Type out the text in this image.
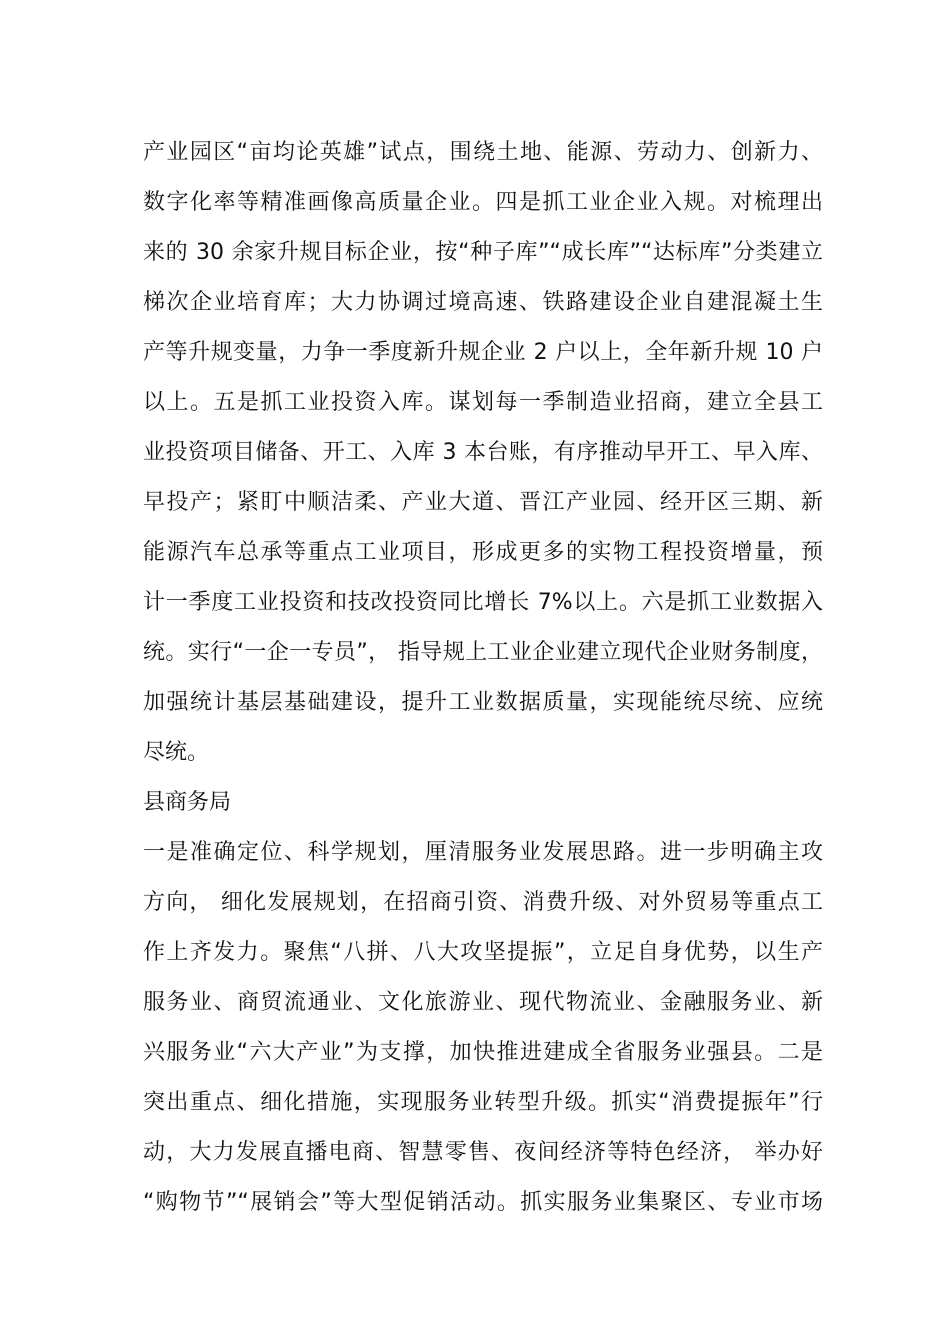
产业园区“亩均论英雄”试点，围绕土地、能源、劳动力、创新力、
数字化率等精准画像高质量企业。四是抓工业企业入规。对梳理出
来的 30 余家升规目标企业，按“种子库”“成长库”“达标库”分类建立
梯次企业培育库；大力协调过境高速、铁路建设企业自建混凝土生
产等升规变量，力争一季度新升规企业 2 户以上，全年新升规 10 户
以上。五是抓工业投资入库。谋划每一季制造业招商，建立全县工
业投资项目储备、开工、入库 3 本台账，有序推动早开工、早入库、
早投产；紧盯中顺洁柔、产业大道、晋江产业园、经开区三期、新
能源汽车总承等重点工业项目，形成更多的实物工程投资增量，预
计一季度工业投资和技改投资同比增长 7%以上。六是抓工业数据入
统。实行“一企一专员”， 指导规上工业企业建立现代企业财务制度，
加强统计基层基础建设，提升工业数据质量，实现能统尽统、应统
尽统。
县商务局
一是准确定位、科学规划，厘清服务业发展思路。进一步明确主攻
方向， 细化发展规划，在招商引资、消费升级、对外贸易等重点工
作上齐发力。聚焦“八拼、八大攻坚提振”，立足自身优势，以生产
服务业、商贸流通业、文化旅游业、现代物流业、金融服务业、新
兴服务业“六大产业”为支撑，加快推进建成全省服务业强县。二是
突出重点、细化措施，实现服务业转型升级。抓实“消费提振年”行
动，大力发展直播电商、智慧零售、夜间经济等特色经济， 举办好
“购物节”“展销会”等大型促销活动。抓实服务业集聚区、专业市场
